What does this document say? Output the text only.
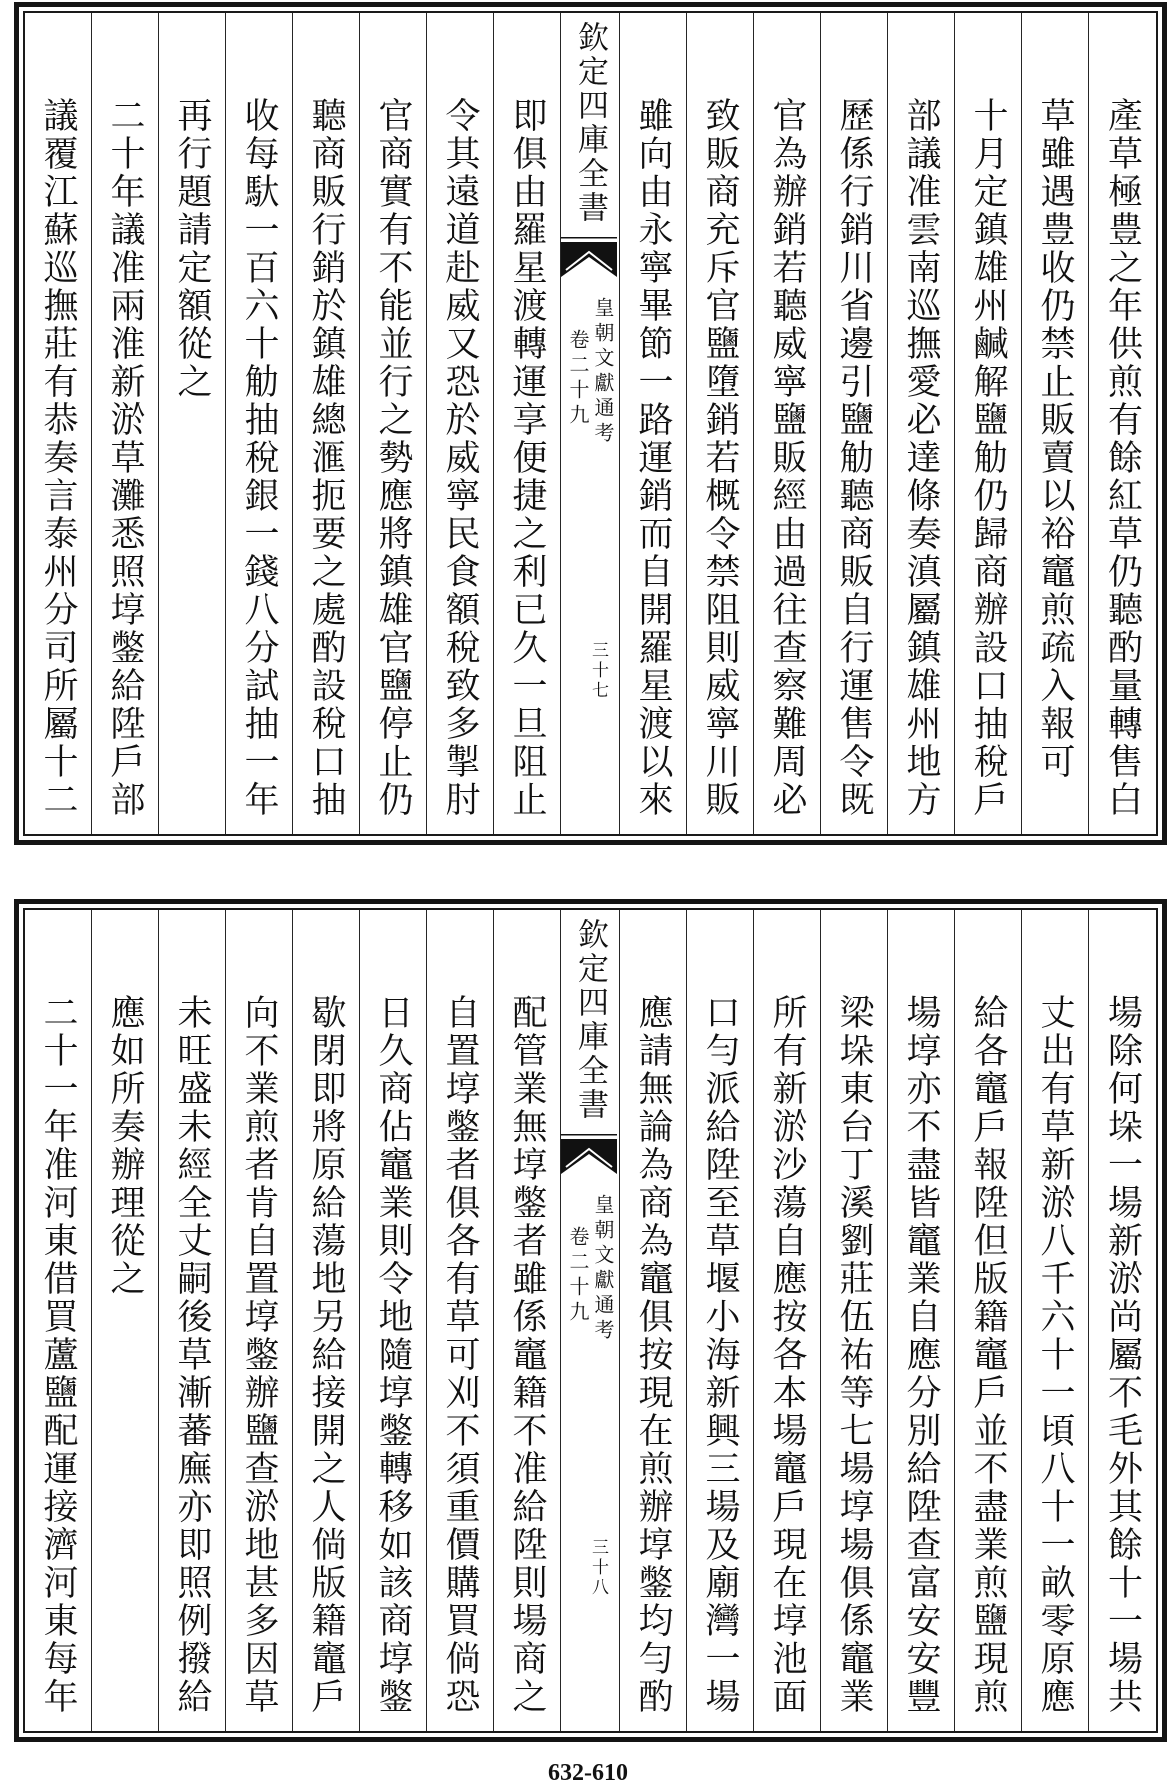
產草極豊之年供煎有餘紅草仍聽酌量轉售白
草雖遇豊收仍禁止販賣以裕竈煎疏入報可
十月定鎮雄州鹹解鹽觔仍歸商辦設口抽稅戶
部議准雲南巡撫愛必達條奏滇屬鎮雄州地方
歷係行銷川省邊引鹽觔聽商販自行運售令既
官為辦銷若聽威寧鹽販經由過往查察難周必
致販商充斥官鹽墮銷若概令禁阻則威寧川販
雖向由永寧畢節一路運銷而自開羅星渡以來
欽定四庫全書
皇朝文獻通考
卷二十九
三十七
即俱由羅星渡轉運享便捷之利已久一旦阻止
令其遠道赴威又恐於威寧民食額稅致多掣肘
官商實有不能並行之勢應將鎮雄官鹽停止仍
聽商販行銷於鎮雄總滙扼要之處酌設稅口抽
收每馱一百六十觔抽稅銀一錢八分試抽一年
再行題請定額從之
二十年議准兩淮新淤草灘悉照埻鐅給陞戶部
議覆江蘇巡撫莊有恭奏言泰州分司所屬十二
場除何垛一場新淤尚屬不毛外其餘十一場共
丈出有草新淤八千六十一頃八十一畝零原應
給各竈戶報陞但版籍竈戶並不盡業煎鹽現煎
場埻亦不盡皆竈業自應分別給陞查富安安豐
梁垛東台丁溪劉莊伍祐等七場埻場俱係竈業
所有新淤沙蕩自應按各本場竈戶現在埻池面
口勻派給陞至草堰小海新興三場及廟灣一場
應請無論為商為竈俱按現在煎辦埻鐅均勻酌
欽定四庫全書
皇朝文獻通考
卷二十九
三十八
配管業無埻鐅者雖係竈籍不准給陞則場商之
自置埻鐅者俱各有草可刈不須重價購買倘恐
日久商佔竈業則令地隨埻鐅轉移如該商埻鐅
歇閉即將原給蕩地另給接開之人倘版籍竈戶
向不業煎者肯自置埻鐅辦鹽查淤地甚多因草
未旺盛未經全丈嗣後草漸蕃廡亦即照例撥給
應如所奏辦理從之
二十一年准河東借買蘆鹽配運接濟河東每年
632-610
